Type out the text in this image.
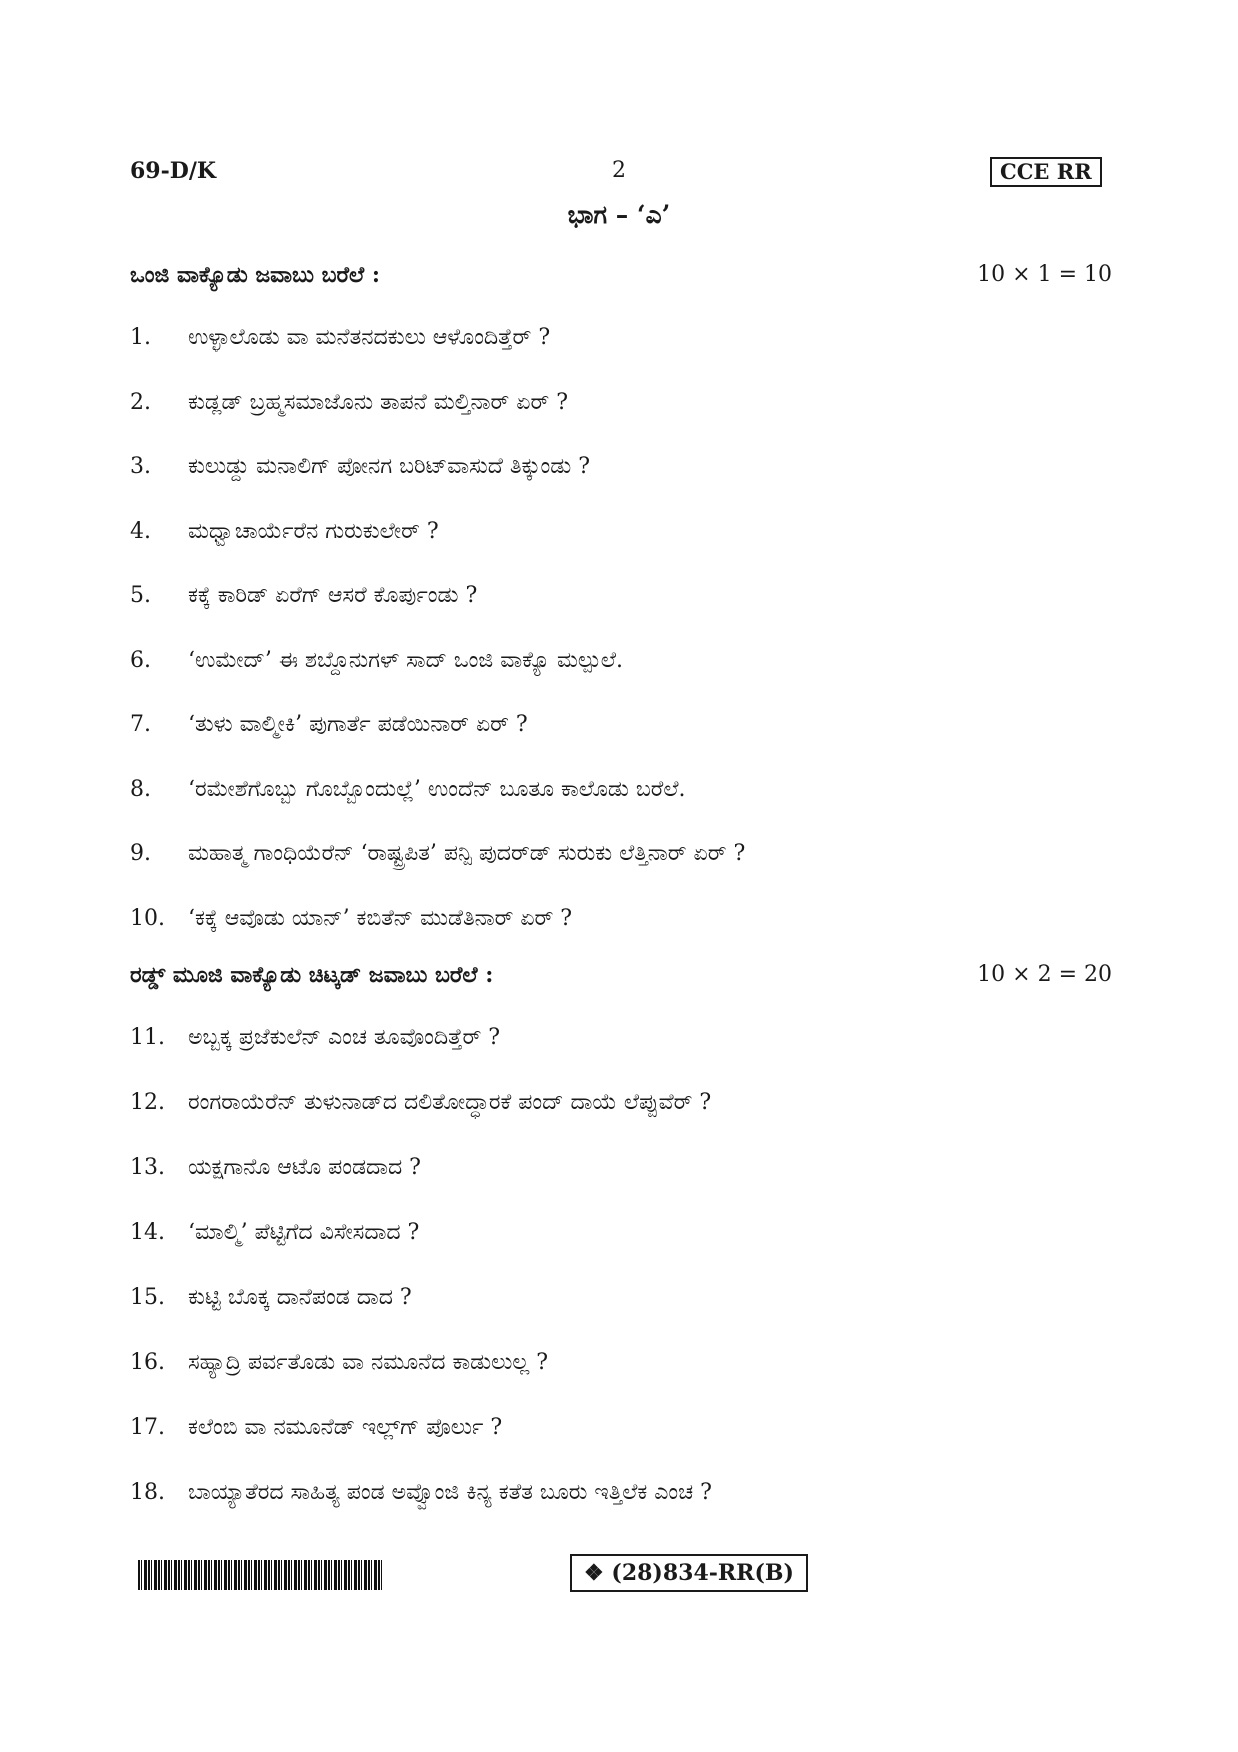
69-D/K	2	CCE RR
ಭಾಗ – ‘ಎ’
ಒಂಜಿ ವಾಕ್ಯೊಡು ಜವಾಬು ಬರೆಲೆ :	10 × 1 = 10
1. ಉಳ್ಳಾಲೊಡು ವಾ ಮನೆತನದಕುಲು ಆಳೊಂದಿತ್ತೆರ್ ?
2. ಕುಡ್ಲಡ್ ಬ್ರಹ್ಮಸಮಾಜೊನು ತಾಪನೆ ಮಲ್ತಿನಾರ್ ಏರ್ ?
3. ಕುಲುಡ್ದು ಮನಾಲಿಗ್ ಪೋನಗ ಬರಿಟ್‌ವಾಸುದೆ ತಿಕ್ಕುಂಡು ?
4. ಮಧ್ವಾಚಾರ್ಯೆರೆನ ಗುರುಕುಲೇರ್ ?
5. ಕಕ್ಕೆ ಕಾರಿಡ್ ಏರೆಗ್ ಆಸರೆ ಕೊರ್ಪುಂಡು ?
6. ‘ಉಮೇದ್’ ಈ ಶಬ್ದೊನುಗಳ್ ಸಾದ್ ಒಂಜಿ ವಾಕ್ಯೊ ಮಲ್ಪುಲೆ.
7. ‘ತುಳು ವಾಲ್ಮೀಕಿ’ ಪುಗಾರ್ತೆ ಪಡೆಯಿನಾರ್ ಏರ್ ?
8. ‘ರಮೇಶೆಗೊಬ್ಬು ಗೊಬ್ಬೊಂದುಲ್ಲೆ’ ಉಂದೆನ್ ಬೂತೂ ಕಾಲೊಡು ಬರೆಲೆ.
9. ಮಹಾತ್ಮ ಗಾಂಧಿಯೆರೆನ್ ‘ರಾಷ್ಟ್ರಪಿತ’ ಪನ್ಪಿ ಪುದರ್‌ಡ್ ಸುರುಕು ಲೆತ್ತಿನಾರ್ ಏರ್ ?
10. ‘ಕಕ್ಕೆ ಆವೊಡು ಯಾನ್’ ಕಬಿತೆನ್ ಮುಡೆತಿನಾರ್ ಏರ್ ?
ರಡ್ಡ್ ಮೂಜಿ ವಾಕ್ಯೊಡು ಚಿಟ್ಕಡ್ ಜವಾಬು ಬರೆಲೆ :	10 × 2 = 20
11. ಅಬ್ಬಕ್ಕ ಪ್ರಜೆಕುಲೆನ್ ಎಂಚ ತೂವೊಂದಿತ್ತೆರ್ ?
12. ರಂಗರಾಯೆರೆನ್ ತುಳುನಾಡ್‌ದ ದಲಿತೋದ್ಧಾರಕೆ ಪಂದ್ ದಾಯೆ ಲೆಪ್ಪುವೆರ್ ?
13. ಯಕ್ಷಗಾನೊ ಆಟೊ ಪಂಡದಾದ ?
14. ‘ಮಾಲ್ಮಿ’ ಪೆಟ್ಟಿಗೆದ ವಿಸೇಸದಾದ ?
15. ಕುಟ್ಟಿ ಬೊಕ್ಕ ದಾನೆಪಂಡ ದಾದ ?
16. ಸಹ್ಯಾದ್ರಿ ಪರ್ವತೊಡು ವಾ ನಮೂನೆದ ಕಾಡುಲುಲ್ಲ ?
17. ಕಲೆಂಬಿ ವಾ ನಮೂನೆಡ್ ಇಲ್ಲ್‌ಗ್ ಪೊರ್ಲು ?
18. ಬಾಯ್ಯಾತೆರದ ಸಾಹಿತ್ಯ ಪಂಡ ಅವ್ವೊಂಜಿ ಕಿನ್ಯ ಕತೆತ ಬೂರು ಇತ್ತಿಲೆಕ ಎಂಚ ?
❖ (28)834-RR(B)
